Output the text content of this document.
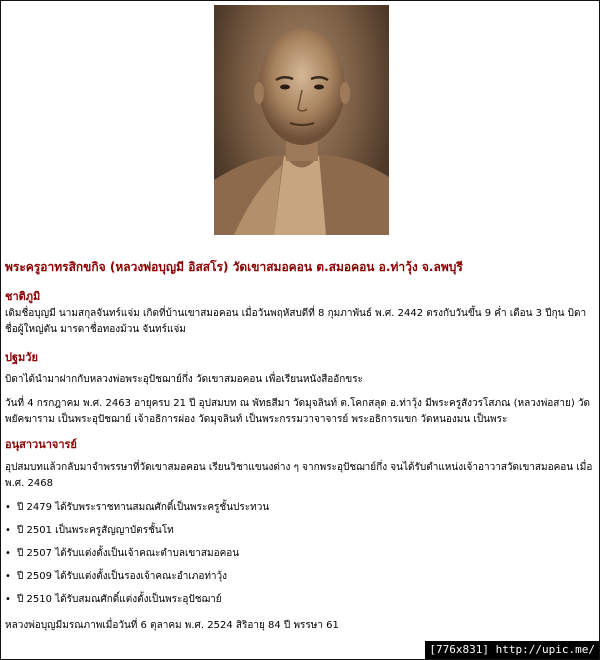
พระครูอาทรสิกขกิจ (หลวงพ่อบุญมี อิสสโร) วัดเขาสมอคอน ต.สมอคอน อ.ท่าวุ้ง จ.ลพบุรี
ชาติภูมิ
เดิมชื่อบุญมี นามสกุลจันทร์แจ่ม เกิดที่บ้านเขาสมอคอน เมื่อวันพฤหัสบดีที่ 8 กุมภาพันธ์ พ.ศ. 2442 ตรงกับวันขึ้น 9 ค่ำ เดือน 3 ปีกุน บิดาชื่อผู้ใหญ่ตัน มารดาชื่อทองม้วน จันทร์แจ่ม
ปฐมวัย
บิดาได้นำมาฝากกับหลวงพ่อพระอุปัชฌาย์กึ่ง วัดเขาสมอคอน เพื่อเรียนหนังสืออักขระ
วันที่ 4 กรกฎาคม พ.ศ. 2463 อายุครบ 21 ปี อุปสมบท ณ พัทธสีมา วัดมุจลินท์ ต.โคกสลุด อ.ท่าวุ้ง มีพระครูสังวรโสภณ (หลวงพ่อสาย) วัดพยัคฆาราม เป็นพระอุปัชฌาย์ เจ้าอธิการผ่อง วัดมุจลินท์ เป็นพระกรรมวาจาจารย์ พระอธิการแขก วัดหนองมน เป็นพระ
อนุสาวนาจารย์
อุปสมบทแล้วกลับมาจำพรรษาที่วัดเขาสมอคอน เรียนวิชาแขนงต่าง ๆ จากพระอุปัชฌาย์กึ่ง จนได้รับตำแหน่งเจ้าอาวาสวัดเขาสมอคอน เมื่อ พ.ศ. 2468
• ปี 2479 ได้รับพระราชทานสมณศักดิ์เป็นพระครูชั้นประทวน
• ปี 2501 เป็นพระครูสัญญาบัตรชั้นโท
• ปี 2507 ได้รับแต่งตั้งเป็นเจ้าคณะตำบลเขาสมอคอน
• ปี 2509 ได้รับแต่งตั้งเป็นรองเจ้าคณะอำเภอท่าวุ้ง
• ปี 2510 ได้รับสมณศักดิ์แต่งตั้งเป็นพระอุปัชฌาย์
หลวงพ่อบุญมีมรณภาพเมื่อวันที่ 6 ตุลาคม พ.ศ. 2524 สิริอายุ 84 ปี พรรษา 61
[776x831] http://upic.me/
